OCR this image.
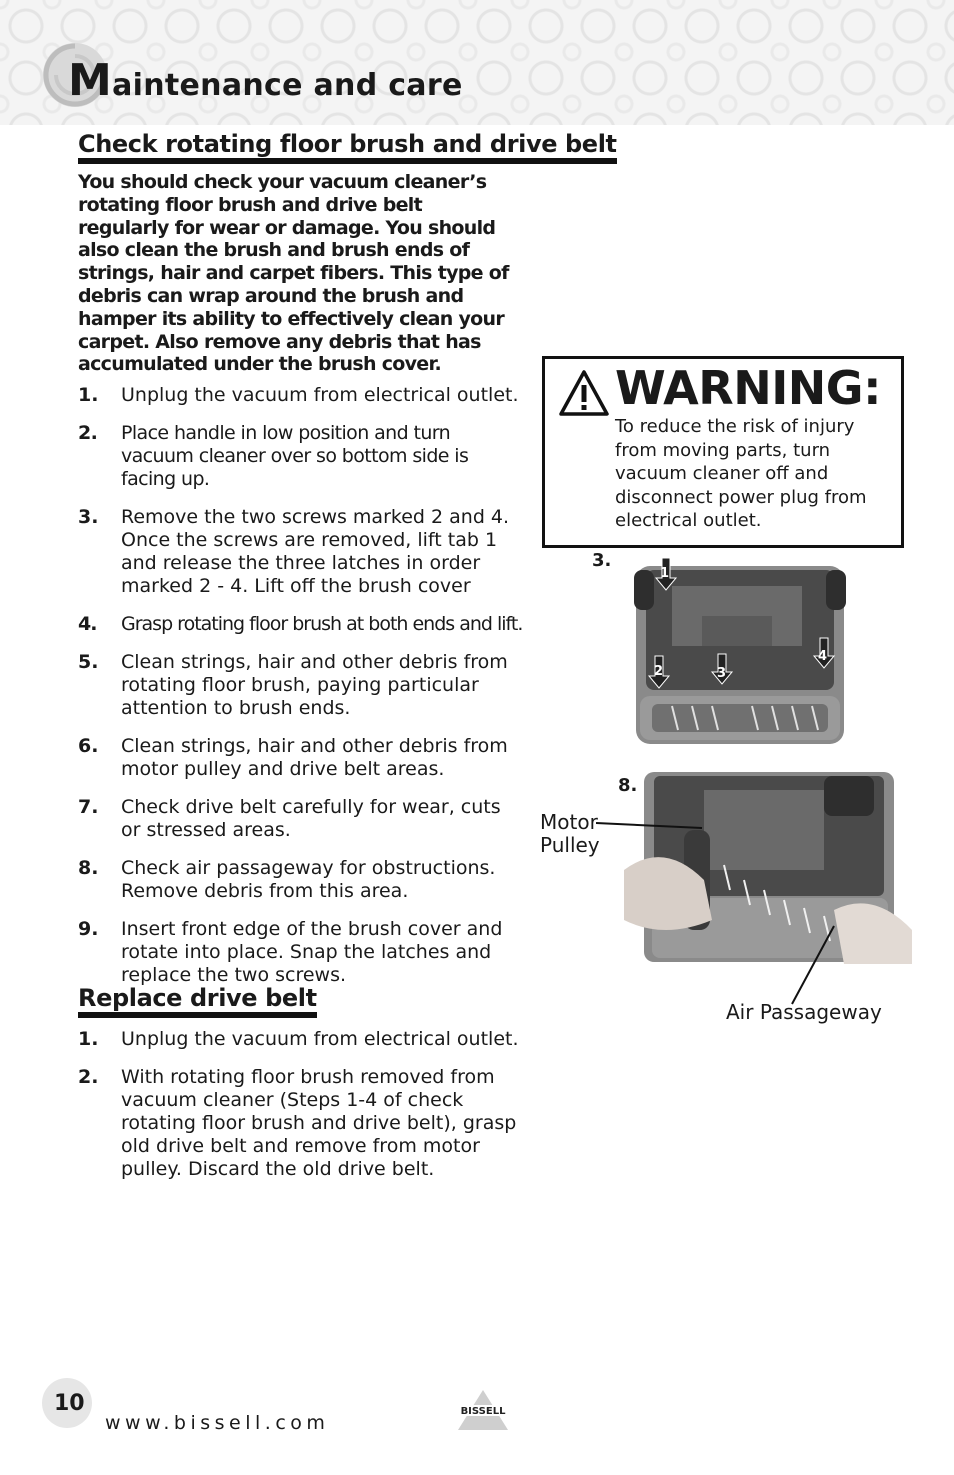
Maintenance and care
Check rotating floor brush and drive belt

You should check your vacuum cleaner’s rotating floor brush and drive belt regularly for wear or damage. You should also clean the brush and brush ends of strings, hair and carpet fibers. This type of debris can wrap around the brush and hamper its ability to effectively clean your carpet. Also remove any debris that has accumulated under the brush cover.

1.	Unplug the vacuum from electrical outlet.
2.	Place handle in low position and turn vacuum cleaner over so bottom side is facing up.
3.	Remove the two screws marked 2 and 4. Once the screws are removed, lift tab 1 and release the three latches in order marked 2 - 4. Lift off the brush cover
4.	Grasp rotating floor brush at both ends and lift.
5.	Clean strings, hair and other debris from rotating floor brush, paying particular attention to brush ends.
6.	Clean strings, hair and other debris from motor pulley and drive belt areas.
7.	Check drive belt carefully for wear, cuts or stressed areas.
8.	Check air passageway for obstructions. Remove debris from this area.
9.	Insert front edge of the brush cover and rotate into place. Snap the latches and replace the two screws.
Replace drive belt
1.	Unplug the vacuum from electrical outlet.
2.	With rotating floor brush removed from vacuum cleaner (Steps 1-4 of check rotating floor brush and drive belt), grasp old drive belt and remove from motor pulley. Discard the old drive belt.
WARNING:

To reduce the risk of injury from moving parts, turn vacuum cleaner off and disconnect power plug from electrical outlet.

3.

1

2	3

4

8.

Motor

Pulley

Air Passageway

10

www.bissell.com

BISSELL
